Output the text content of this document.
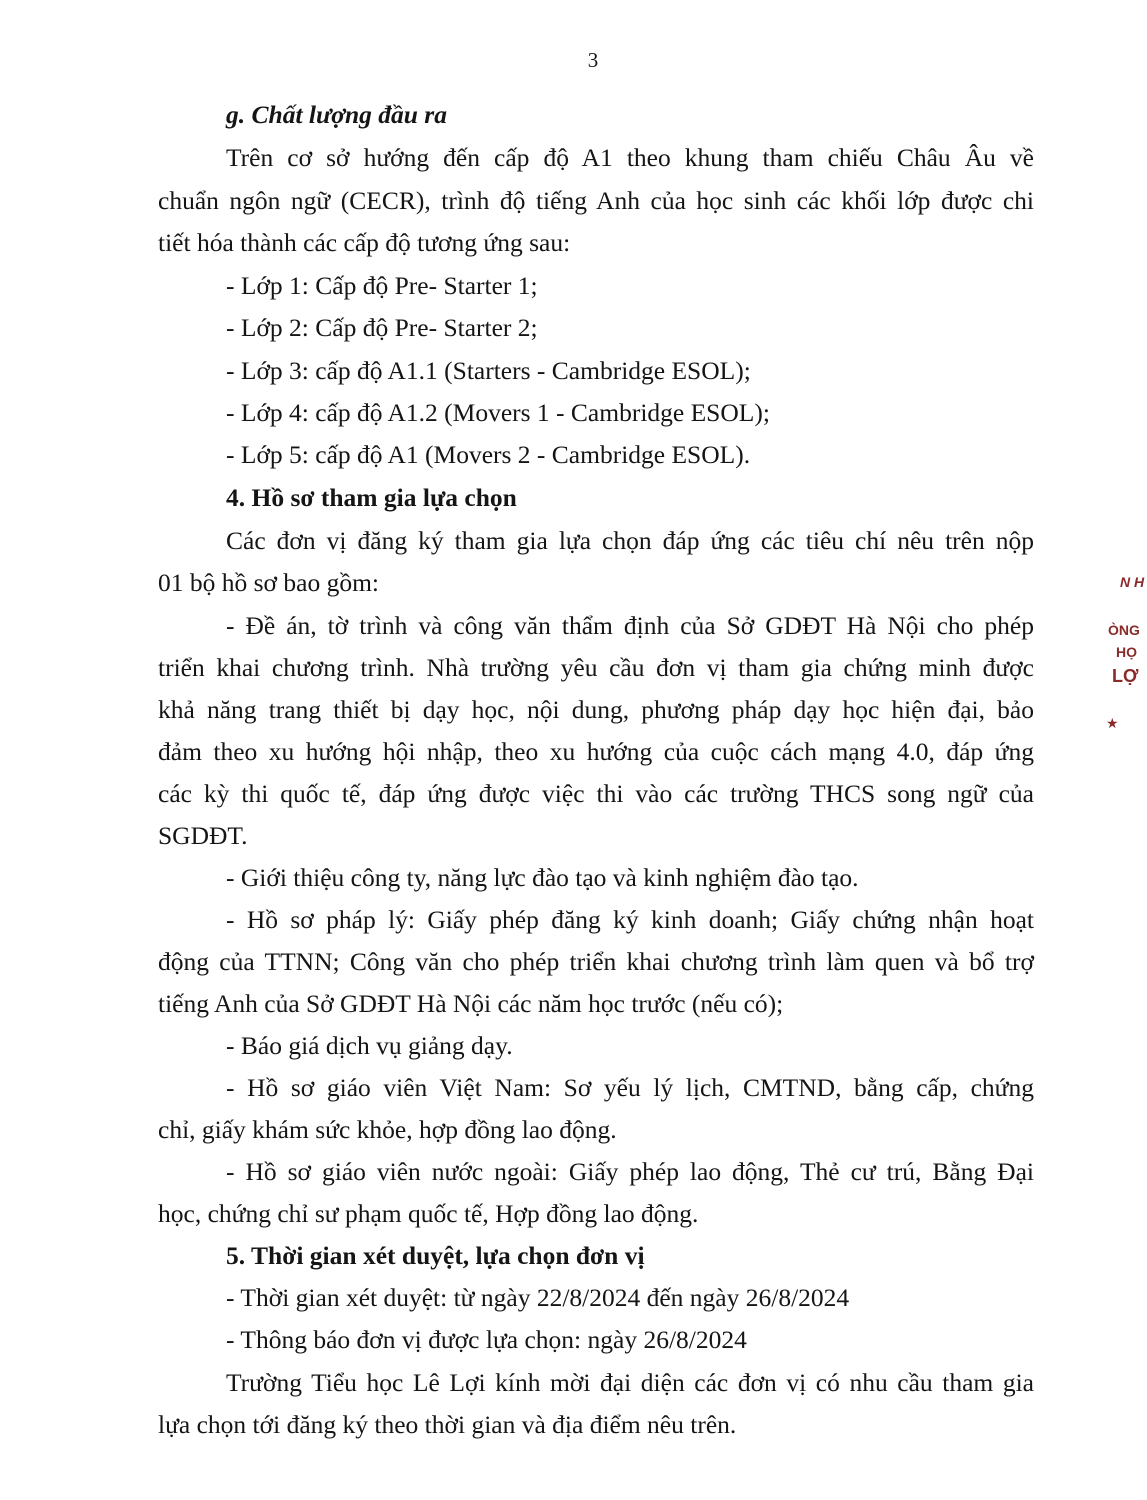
3

g. Chất lượng đầu ra

Trên cơ sở hướng đến cấp độ A1 theo khung tham chiếu Châu Âu về

chuẩn ngôn ngữ (CECR), trình độ tiếng Anh của học sinh các khối lớp được chi

tiết hóa thành các cấp độ tương ứng sau:

- Lớp 1: Cấp độ Pre- Starter 1;

- Lớp 2: Cấp độ Pre- Starter 2;

- Lớp 3: cấp độ A1.1 (Starters - Cambridge ESOL);

- Lớp 4: cấp độ A1.2 (Movers 1 - Cambridge ESOL);

- Lớp 5: cấp độ A1 (Movers 2 - Cambridge ESOL).

4. Hồ sơ tham gia lựa chọn

Các đơn vị đăng ký tham gia lựa chọn đáp ứng các tiêu chí nêu trên nộp

01 bộ hồ sơ bao gồm:

- Đề án, tờ trình và công văn thẩm định của Sở GDĐT Hà Nội cho phép

triển khai chương trình. Nhà trường yêu cầu đơn vị tham gia chứng minh được

khả năng trang thiết bị dạy học, nội dung, phương pháp dạy học hiện đại, bảo

đảm theo xu hướng hội nhập, theo xu hướng của cuộc cách mạng 4.0, đáp ứng

các kỳ thi quốc tế, đáp ứng được việc thi vào các trường THCS song ngữ của

SGDĐT.

- Giới thiệu công ty, năng lực đào tạo và kinh nghiệm đào tạo.

- Hồ sơ pháp lý: Giấy phép đăng ký kinh doanh; Giấy chứng nhận hoạt

động của TTNN; Công văn cho phép triển khai chương trình làm quen và bổ trợ

tiếng Anh của Sở GDĐT Hà Nội các năm học trước (nếu có);

- Báo giá dịch vụ giảng dạy.

- Hồ sơ giáo viên Việt Nam: Sơ yếu lý lịch, CMTND, bằng cấp, chứng

chỉ, giấy khám sức khỏe, hợp đồng lao động.

- Hồ sơ giáo viên nước ngoài: Giấy phép lao động, Thẻ cư trú, Bằng Đại

học, chứng chỉ sư phạm quốc tế, Hợp đồng lao động.

5. Thời gian xét duyệt, lựa chọn đơn vị

- Thời gian xét duyệt: từ ngày 22/8/2024 đến ngày 26/8/2024

- Thông báo đơn vị được lựa chọn: ngày 26/8/2024

Trường Tiểu học Lê Lợi kính mời đại diện các đơn vị có nhu cầu tham gia

lựa chọn tới đăng ký theo thời gian và địa điểm nêu trên.

★
N H
ÒNG
HỌ
LỢ
